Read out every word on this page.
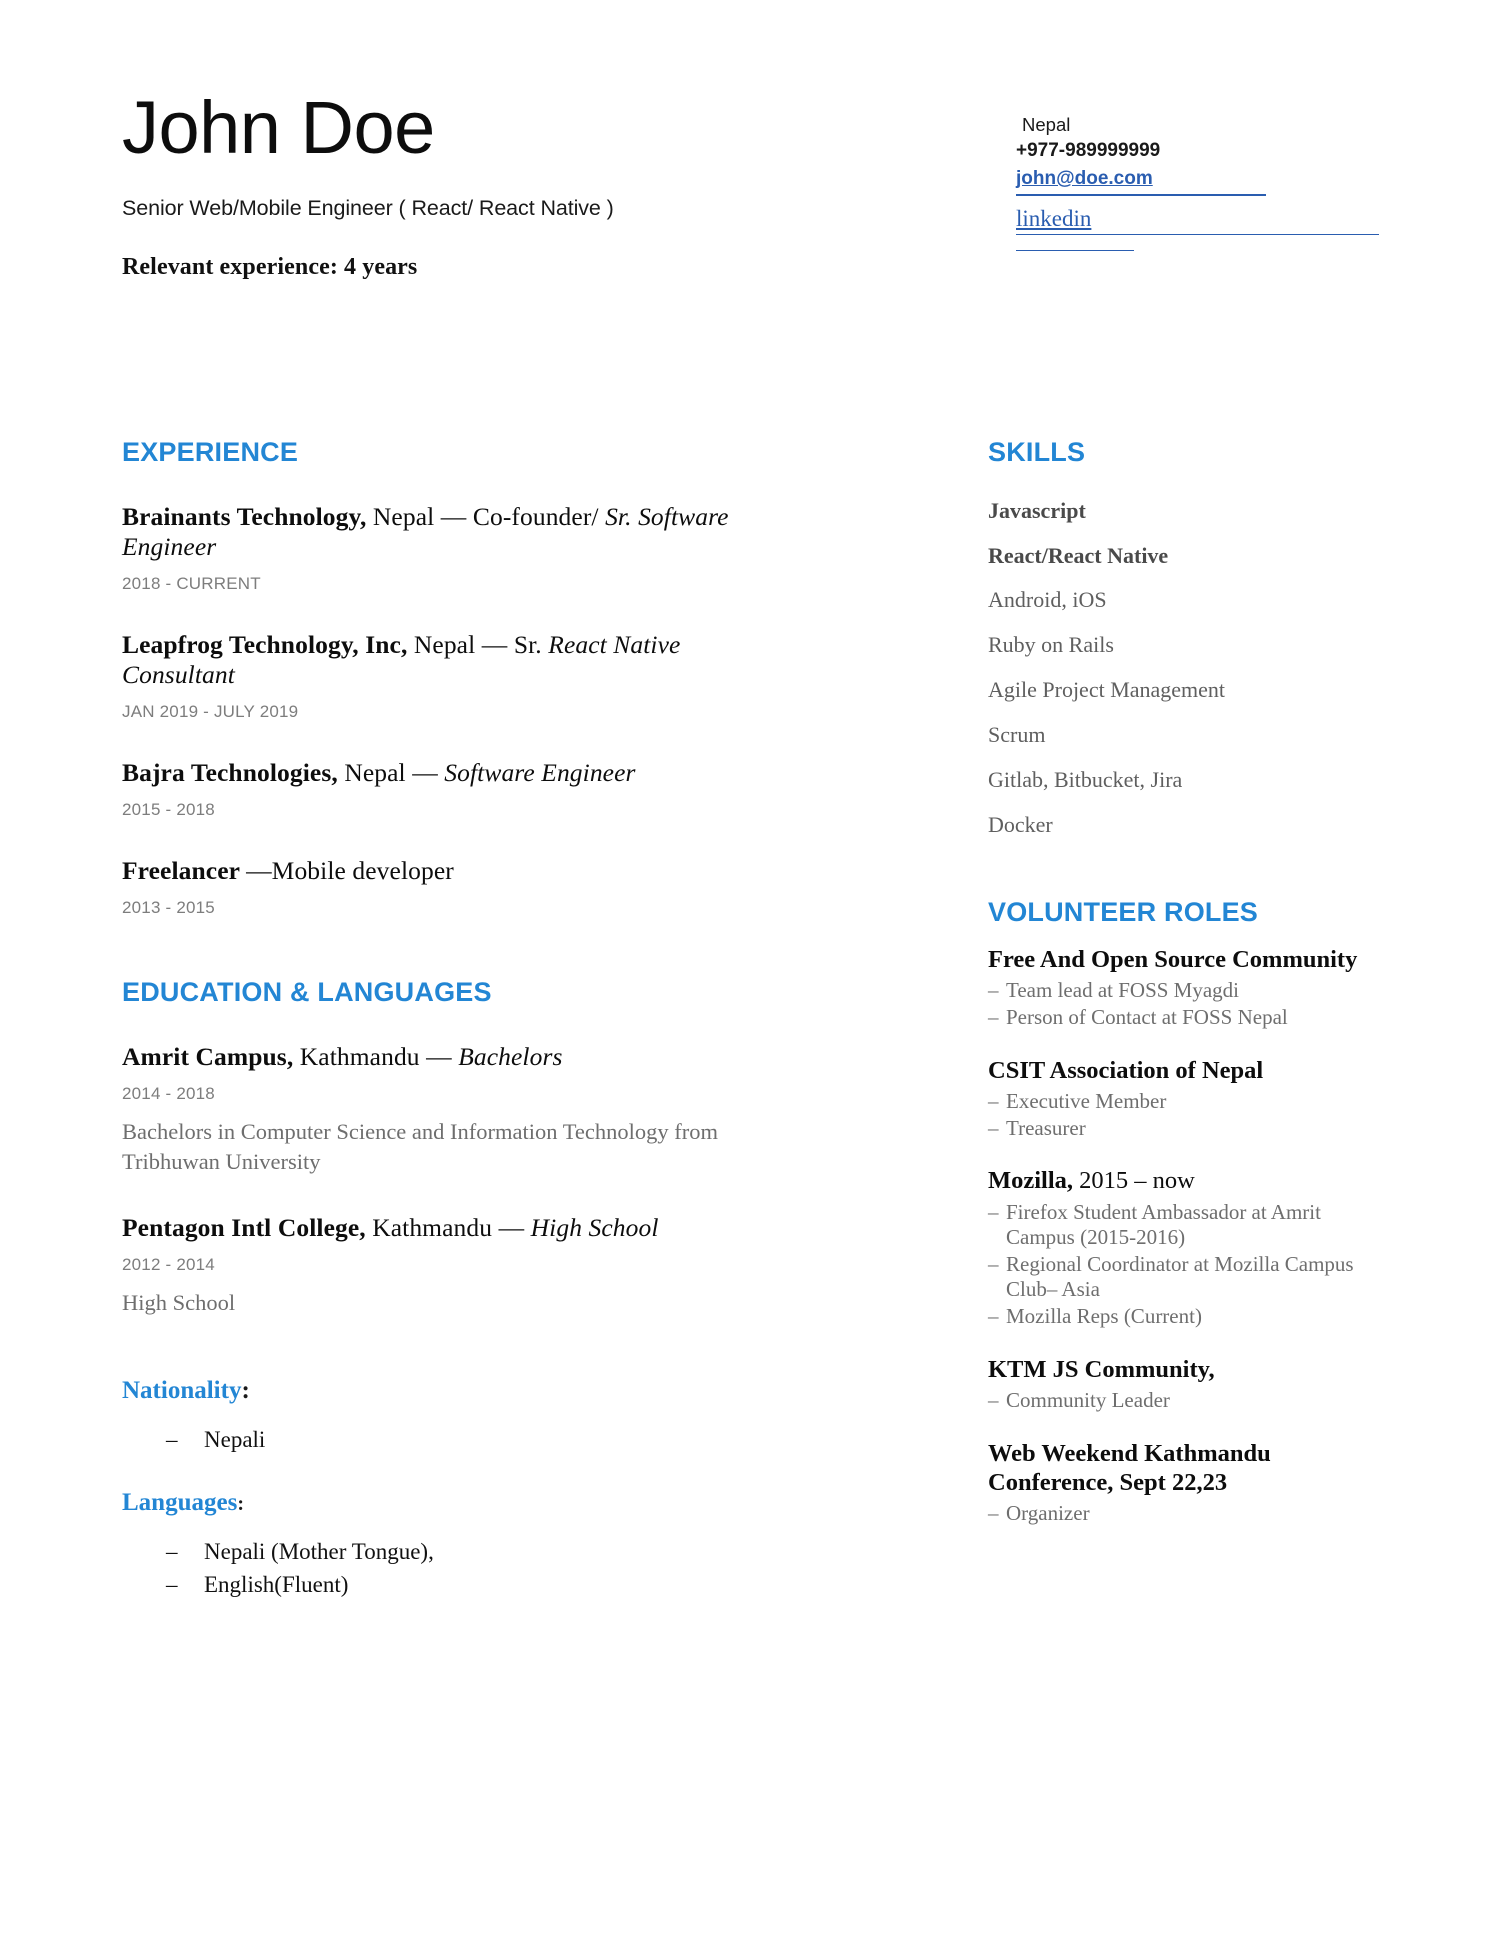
John Doe

Senior Web/Mobile Engineer ( React/ React Native )

Relevant experience: 4 years

Nepal
+977-989999999
john@doe.com
linkedin
EXPERIENCE

Brainants Technology, Nepal — Co-founder/ Sr. Software Engineer

2018 - CURRENT

Leapfrog Technology, Inc, Nepal — Sr. React Native Consultant

JAN 2019 - JULY 2019

Bajra Technologies, Nepal — Software Engineer

2015 - 2018

Freelancer —Mobile developer

2013 - 2015

EDUCATION & LANGUAGES

Amrit Campus, Kathmandu — Bachelors

2014 - 2018

Bachelors in Computer Science and Information Technology from Tribhuwan University

Pentagon Intl College, Kathmandu — High School

2012 - 2014

High School

Nationality:

– Nepali

Languages:

– Nepali (Mother Tongue),
– English(Fluent)
SKILLS
Javascript
React/React Native
Android, iOS
Ruby on Rails
Agile Project Management
Scrum
Gitlab, Bitbucket, Jira
Docker
VOLUNTEER ROLES

Free And Open Source Community

– Team lead at FOSS Myagdi
– Person of Contact at FOSS Nepal

CSIT Association of Nepal

– Executive Member
– Treasurer

Mozilla, 2015 – now

– Firefox Student Ambassador at Amrit Campus (2015-2016)
– Regional Coordinator at Mozilla Campus Club– Asia
– Mozilla Reps (Current)

KTM JS Community,

– Community Leader

Web Weekend Kathmandu Conference, Sept 22,23

– Organizer
